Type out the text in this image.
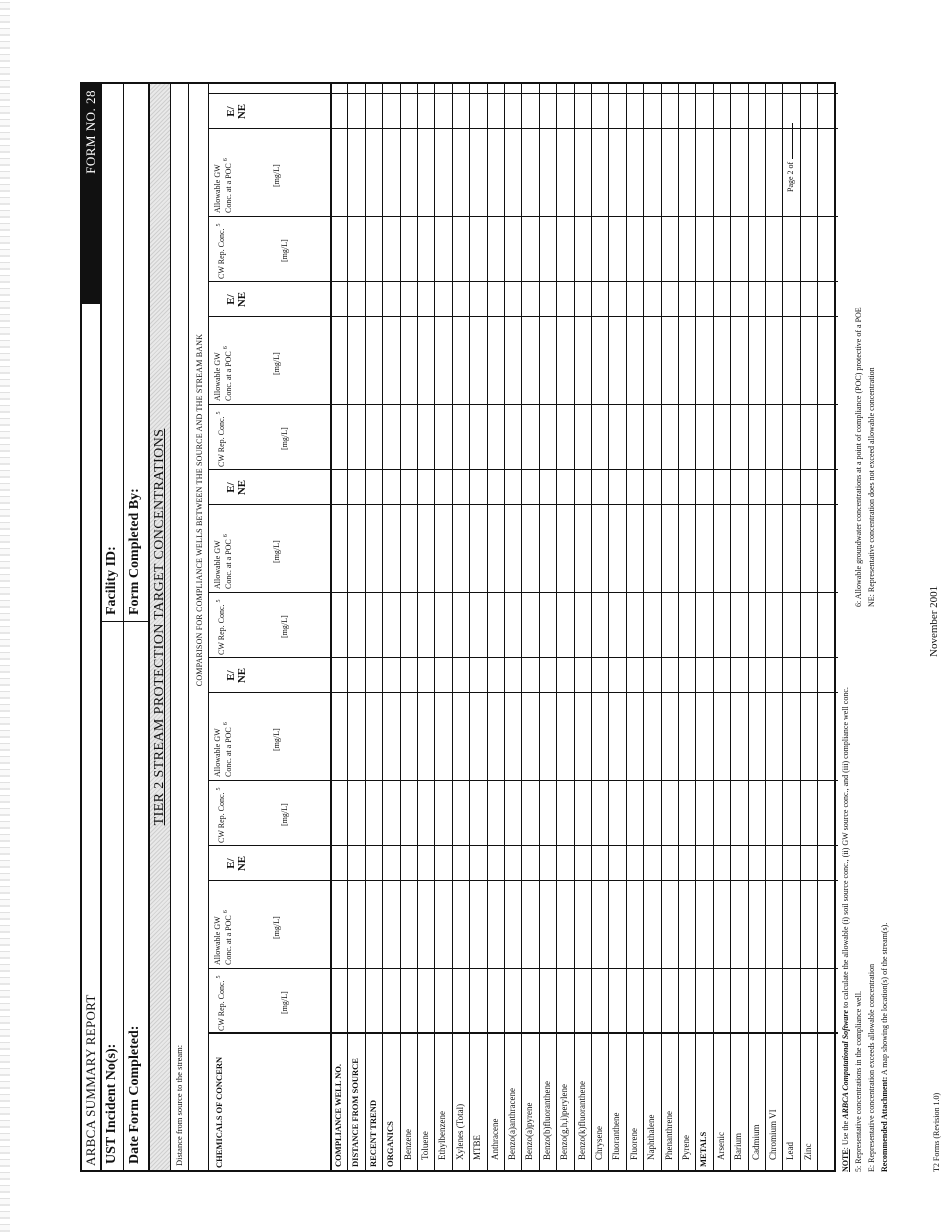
ARBCA SUMMARY REPORT
FORM NO. 28
UST Incident No(s):
Facility ID:
Date Form Completed:
Form Completed By: TIER 2 STREAM PROTECTION TARGET CONCENTRATIONS
Distance from source to the stream:
COMPARISON FOR COMPLIANCE WELLS BETWEEN THE SOURCE AND THE STREAM BANK
CHEMICALS OF CONCERN
CW Rep. Conc.$^5$
[mg/L]
Allowable GW Conc. at a POC$^6$
[mg/L]
E/ NE
CW Rep. Conc.$^5$
[mg/L]
Allowable GW Conc. at a POC$^6$
[mg/L]
E/ NE
CW Rep. Conc.$^5$
[mg/L]
Allowable GW Conc. at a POC$^6$
[mg/L]
E/ NE
CW Rep. Conc.$^5$
[mg/L]
Allowable GW Conc. at a POC$^6$
[mg/L]
E/ NE
CW Rep. Conc.$^5$
[mg/L]
Allowable GW Conc. at a POC$^6$
[mg/L]
E/ NE
COMPLIANCE WELL NO. DISTANCE FROM SOURCE RECENT TREND ORGANICS Benzene Toluene Ethylbenzene Xylenes (Total) MTBE Anthracene Benzo(a)anthracene Benzo(a)pyrene Benzo(b)fluoranthene Benzo(g,h,i)perylene Benzo(k)fluoranthene Chrysene Fluoranthene Fluorene Naphthalene Phenanthrene Pyrene METALS Arsenic Barium Cadmium Chromium VI Lead Zinc	NOTE: Use the ARBCA Computational Software to calculate the allowable (i) soil source conc., (ii) GW source conc., and (iii) compliance well conc.
5: Representative concentrations in the compliance well.
6: Allowable groundwater concentrations at a point of compliance (POC) protective of a POE
E: Representative concentration exceeds allowable concentration
NE: Representative concentration does not exceed allowable concentration
Recommended Attachment: A map showing the location(s) of the stream(s).
Page 2 of
T2 Forms (Revision 1.0)
November 2001
